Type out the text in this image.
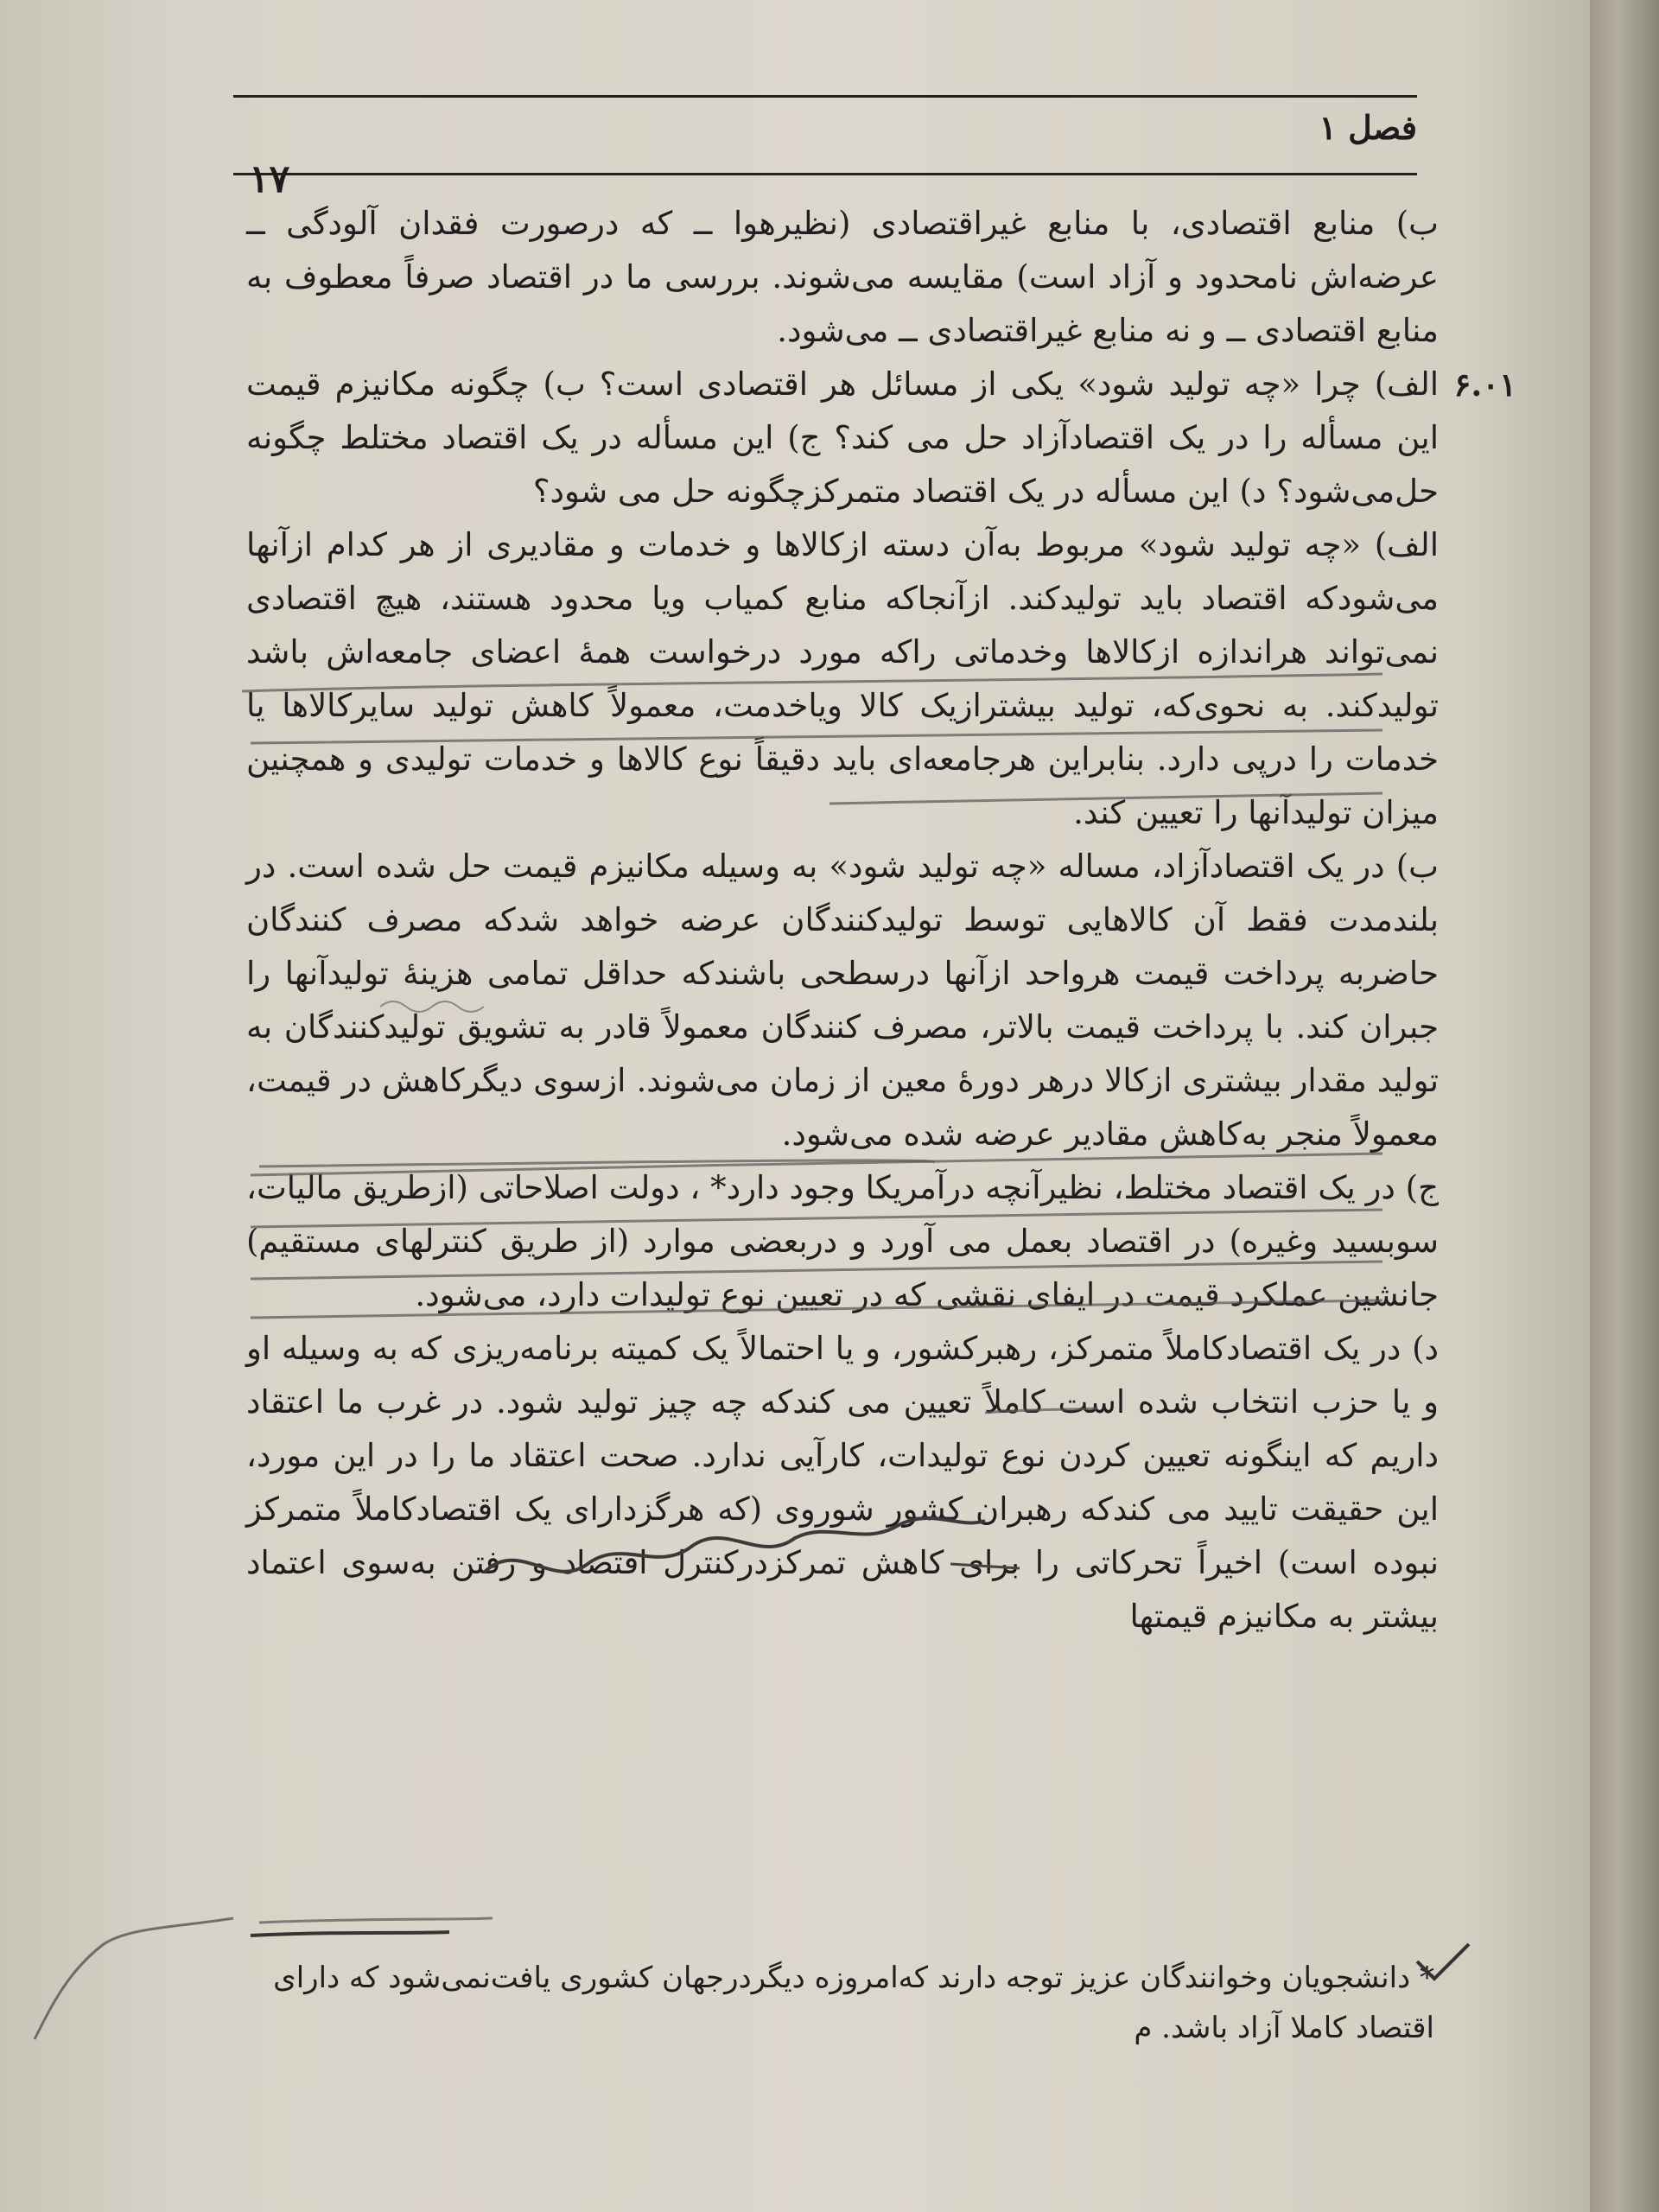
فصل ۱
۱۷

ب) منابع اقتصادی، با منابع غیراقتصادی (نظیرهوا ــ که درصورت فقدان آلودگی ــ عرضه‌اش نامحدود و آزاد است) مقایسه می‌شوند. بررسی ما در اقتصاد صرفاً معطوف به منابع اقتصادی ــ و نه منابع غیراقتصادی ــ می‌شود.

۶.۰۱
الف) چرا «چه تولید شود» یکی از مسائل هر اقتصادی است؟ ب) چگونه مکانیزم قیمت این مسأله را در یک اقتصادآزاد حل می کند؟ ج) این مسأله در یک اقتصاد مختلط چگونه حل‌می‌شود؟ د) این مسأله در یک اقتصاد متمرکزچگونه حل می شود؟

الف) «چه تولید شود» مربوط به‌آن دسته ازکالاها و خدمات و مقادیری از هر کدام ازآنها می‌شودکه اقتصاد باید تولیدکند. ازآنجاکه منابع کمیاب ویا محدود هستند، هیچ اقتصادی نمی‌تواند هراندازه ازکالاها وخدماتی راکه مورد درخواست همهٔ اعضای جامعه‌اش باشد تولیدکند. به نحوی‌که، تولید بیشترازیک کالا ویاخدمت، معمولاً کاهش تولید سایرکالاها یا خدمات را درپی دارد. بنابراین هرجامعه‌ای باید دقیقاً نوع کالاها و خدمات تولیدی و همچنین میزان تولیدآنها را تعیین کند.

ب) در یک اقتصادآزاد، مساله «چه تولید شود» به وسیله مکانیزم قیمت حل شده است. در بلندمدت فقط آن کالاهایی توسط تولیدکنندگان عرضه خواهد شدکه مصرف کنندگان حاضربه پرداخت قیمت هرواحد ازآنها درسطحی باشندکه حداقل تمامی هزینهٔ تولیدآنها را جبران کند. با پرداخت قیمت بالاتر، مصرف کنندگان معمولاً قادر به تشویق تولیدکنندگان به تولید مقدار بیشتری ازکالا درهر دورهٔ معین از زمان می‌شوند. ازسوی دیگرکاهش در قیمت، معمولاً منجر به‌کاهش مقادیر عرضه شده می‌شود.

ج) در یک اقتصاد مختلط، نظیرآنچه درآمریکا وجود دارد* ، دولت اصلاحاتی (ازطریق مالیات، سوبسید وغیره) در اقتصاد بعمل می آورد و دربعضی موارد (از طریق کنترلهای مستقیم) جانشین عملکرد قیمت در ایفای نقشی که در تعیین نوع تولیدات دارد، می‌شود.

د) در یک اقتصادکاملاً متمرکز، رهبرکشور، و یا احتمالاً یک کمیته برنامه‌ریزی که به وسیله او و یا حزب انتخاب شده است کاملاً تعیین می کندکه چه چیز تولید شود. در غرب ما اعتقاد داریم که اینگونه تعیین کردن نوع تولیدات، کارآیی ندارد. صحت اعتقاد ما را در این مورد، این حقیقت تایید می کندکه رهبران کشور شوروی (که هرگزدارای یک اقتصادکاملاً متمرکز نبوده است) اخیراً تحرکاتی را برای کاهش تمرکزدرکنترل اقتصاد و رفتن به‌سوی اعتماد بیشتر به مکانیزم قیمتها

* دانشجویان وخوانندگان عزیز توجه دارند که‌امروزه دیگردرجهان کشوری یافت‌نمی‌شود که دارای اقتصاد کاملا آزاد باشد. م
